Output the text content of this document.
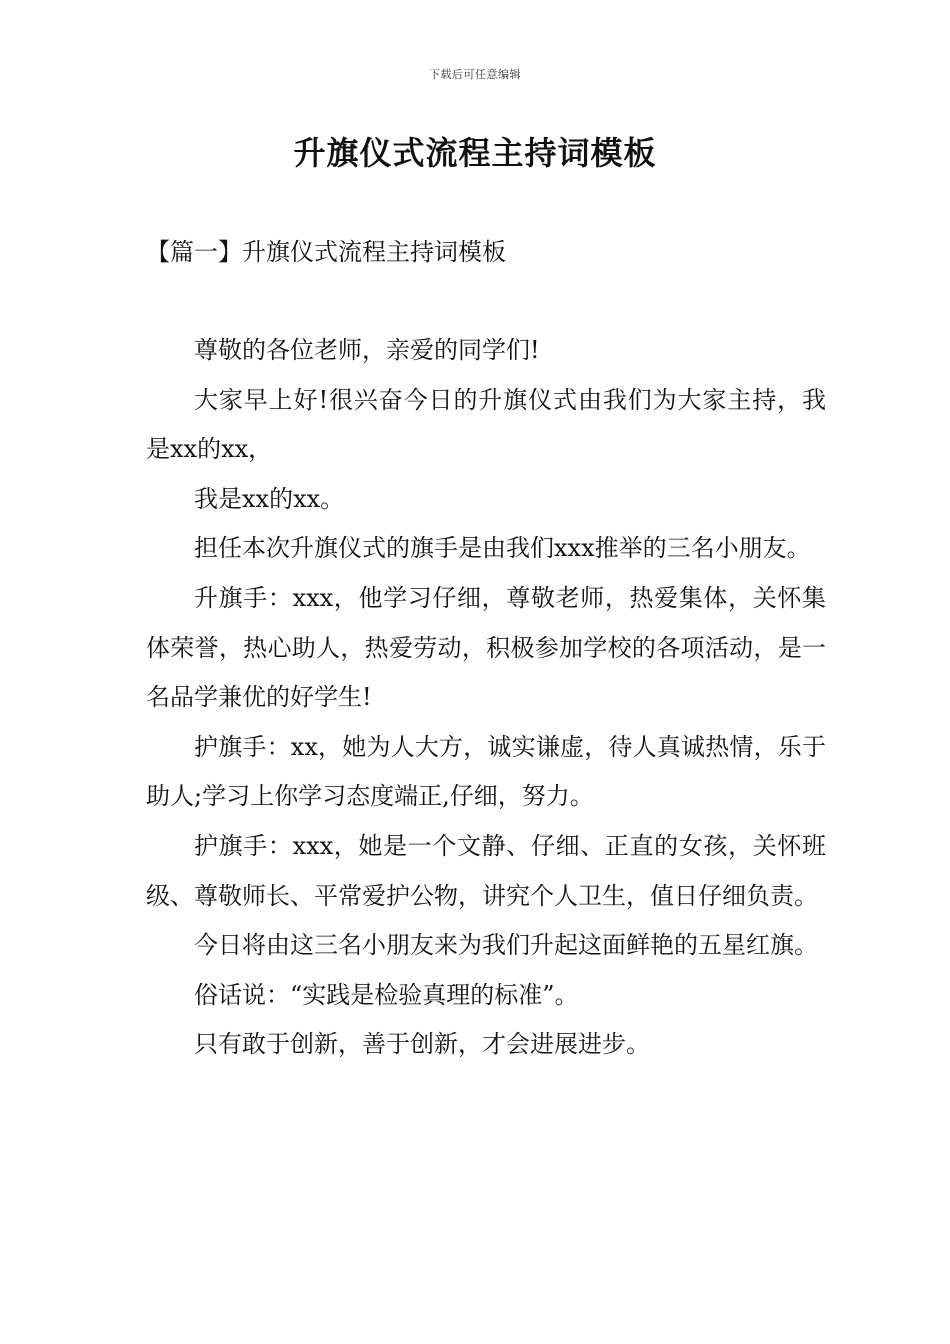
下载后可任意编辑
升旗仪式流程主持词模板
【篇一】升旗仪式流程主持词模板

尊敬的各位老师，亲爱的同学们!

大家早上好!很兴奋今日的升旗仪式由我们为大家主持，我是xx的xx，

我是xx的xx。

担任本次升旗仪式的旗手是由我们xxx推举的三名小朋友。

升旗手：xxx，他学习仔细，尊敬老师，热爱集体，关怀集体荣誉，热心助人，热爱劳动，积极参加学校的各项活动，是一名品学兼优的好学生!

护旗手：xx，她为人大方，诚实谦虚，待人真诚热情，乐于助人;学习上你学习态度端正,仔细，努力。

护旗手：xxx，她是一个文静、仔细、正直的女孩，关怀班级、尊敬师长、平常爱护公物，讲究个人卫生，值日仔细负责。

今日将由这三名小朋友来为我们升起这面鲜艳的五星红旗。

俗话说：“实践是检验真理的标准”。

只有敢于创新，善于创新，才会进展进步。
